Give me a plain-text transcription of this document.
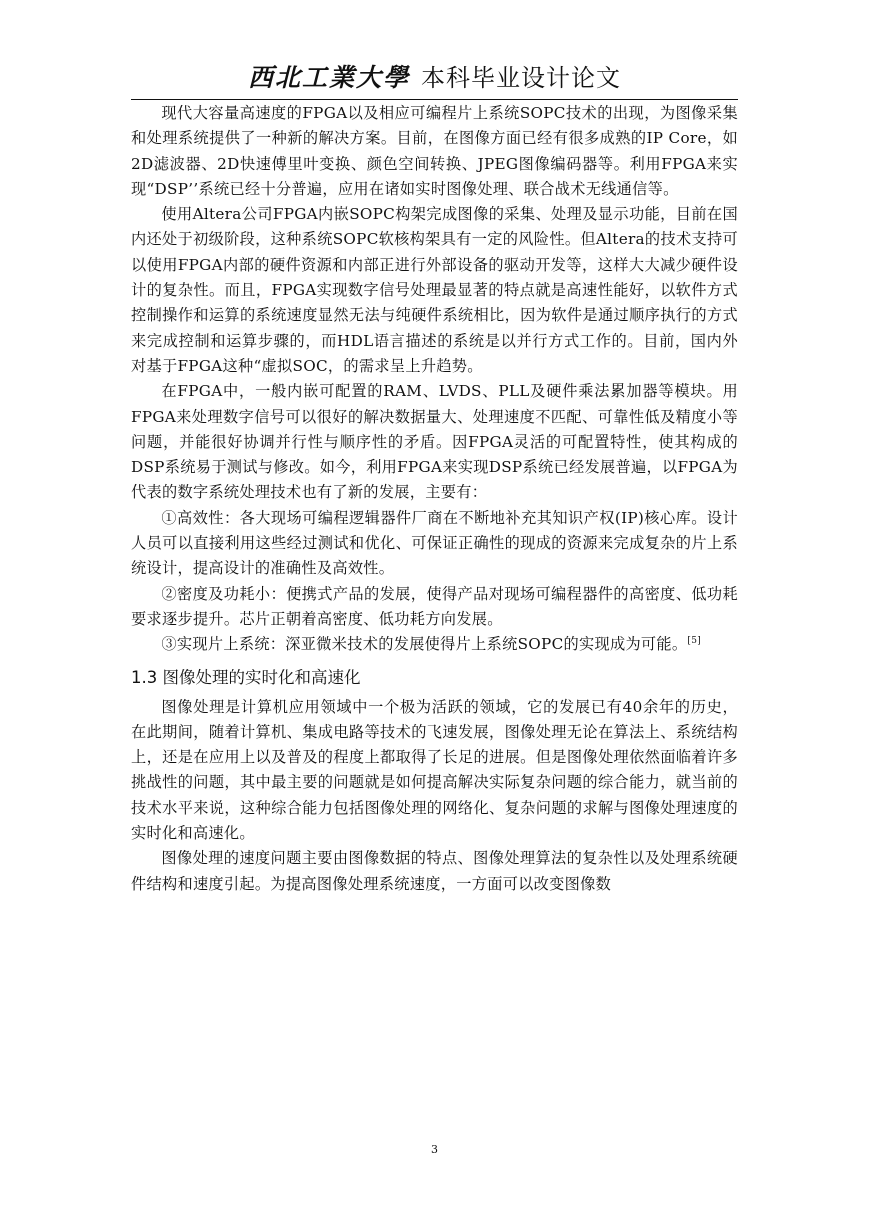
西北工業大學 本科毕业设计论文

现代大容量高速度的FPGA以及相应可编程片上系统SOPC技术的出现，为图像采集和处理系统提供了一种新的解决方案。目前，在图像方面已经有很多成熟的IP Core，如2D滤波器、2D快速傅里叶变换、颜色空间转换、JPEG图像编码器等。利用FPGA来实现“DSP’’系统已经十分普遍，应用在诸如实时图像处理、联合战术无线通信等。

使用Altera公司FPGA内嵌SOPC构架完成图像的采集、处理及显示功能，目前在国内还处于初级阶段，这种系统SOPC软核构架具有一定的风险性。但Altera的技术支持可以使用FPGA内部的硬件资源和内部正进行外部设备的驱动开发等，这样大大减少硬件设计的复杂性。而且，FPGA实现数字信号处理最显著的特点就是高速性能好，以软件方式控制操作和运算的系统速度显然无法与纯硬件系统相比，因为软件是通过顺序执行的方式来完成控制和运算步骤的，而HDL语言描述的系统是以并行方式工作的。目前，国内外对基于FPGA这种“虚拟SOC，的需求呈上升趋势。

在FPGA中，一般内嵌可配置的RAM、LVDS、PLL及硬件乘法累加器等模块。用FPGA来处理数字信号可以很好的解决数据量大、处理速度不匹配、可靠性低及精度小等问题，并能很好协调并行性与顺序性的矛盾。因FPGA灵活的可配置特性，使其构成的DSP系统易于测试与修改。如今，利用FPGA来实现DSP系统已经发展普遍，以FPGA为代表的数字系统处理技术也有了新的发展，主要有：

①高效性：各大现场可编程逻辑器件厂商在不断地补充其知识产权(IP)核心库。设计人员可以直接利用这些经过测试和优化、可保证正确性的现成的资源来完成复杂的片上系统设计，提高设计的准确性及高效性。

②密度及功耗小：便携式产品的发展，使得产品对现场可编程器件的高密度、低功耗要求逐步提升。芯片正朝着高密度、低功耗方向发展。

③实现片上系统：深亚微米技术的发展使得片上系统SOPC的实现成为可能。[5]

1.3 图像处理的实时化和高速化

图像处理是计算机应用领域中一个极为活跃的领域，它的发展已有40余年的历史，在此期间，随着计算机、集成电路等技术的飞速发展，图像处理无论在算法上、系统结构上，还是在应用上以及普及的程度上都取得了长足的进展。但是图像处理依然面临着许多挑战性的问题，其中最主要的问题就是如何提高解决实际复杂问题的综合能力，就当前的技术水平来说，这种综合能力包括图像处理的网络化、复杂问题的求解与图像处理速度的实时化和高速化。

图像处理的速度问题主要由图像数据的特点、图像处理算法的复杂性以及处理系统硬件结构和速度引起。为提高图像处理系统速度，一方面可以改变图像数

3
